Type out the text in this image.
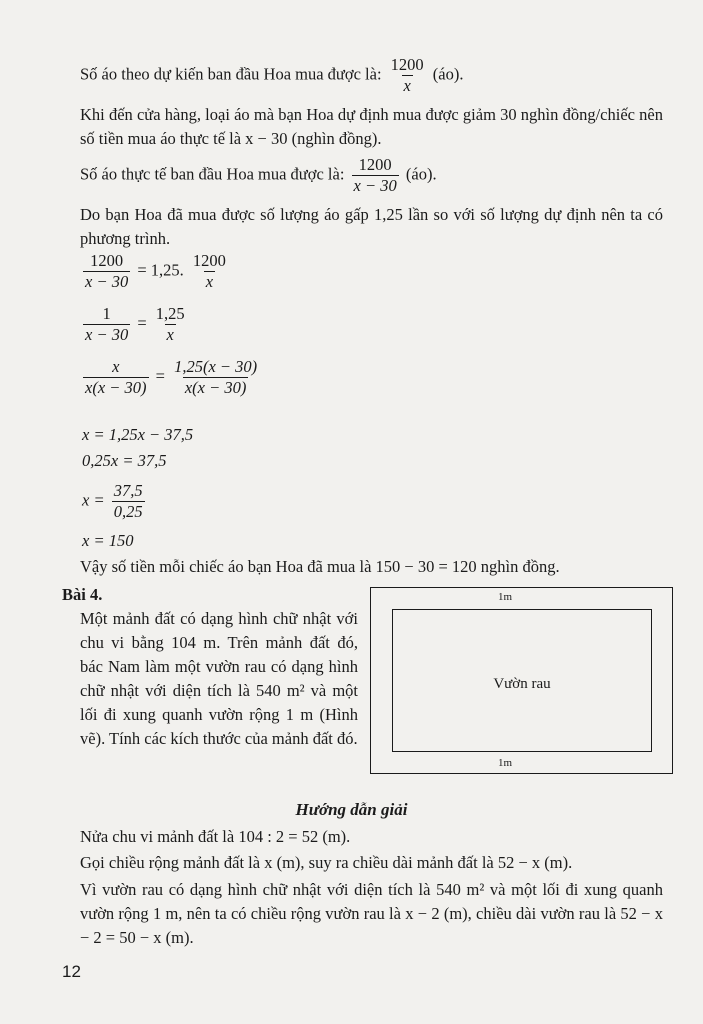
Số áo theo dự kiến ban đầu Hoa mua được là: $\frac{1200}{x}$ (áo).
Khi đến cửa hàng, loại áo mà bạn Hoa dự định mua được giảm 30 nghìn đồng/chiếc nên số tiền mua áo thực tế là x − 30 (nghìn đồng).
Số áo thực tế ban đầu Hoa mua được là: $\frac{1200}{x - 30}$ (áo).
Do bạn Hoa đã mua được số lượng áo gấp 1,25 lần so với số lượng dự định nên ta có phương trình.
$\frac{1200}{x - 30} = 1,25$. $\frac{1200}{x}$
$\frac{1}{x - 30} = \frac{1,25}{x}$
$\frac{x}{x(x - 30)} = \frac{1,25(x - 30)}{x(x - 30)}$
x = 1,25x − 37,5
0,25x = 37,5
$x = \frac{37,5}{0,25}$
x = 150
Vậy số tiền mỗi chiếc áo bạn Hoa đã mua là 150 − 30 = 120 nghìn đồng.
Bài 4.
Một mảnh đất có dạng hình chữ nhật với chu vi bằng 104 m. Trên mảnh đất đó, bác Nam làm một vườn rau có dạng hình chữ nhật với diện tích là 540 m² và một lối đi xung quanh vườn rộng 1 m (Hình vẽ). Tính các kích thước của mảnh đất đó.
1m
Vườn rau
1m
Hướng dẫn giải
Nửa chu vi mảnh đất là 104 : 2 = 52 (m).
Gọi chiều rộng mảnh đất là x (m), suy ra chiều dài mảnh đất là 52 − x (m).
Vì vườn rau có dạng hình chữ nhật với diện tích là 540 m² và một lối đi xung quanh vườn rộng 1 m, nên ta có chiều rộng vườn rau là x − 2 (m), chiều dài vườn rau là 52 − x − 2 = 50 − x (m).
12
